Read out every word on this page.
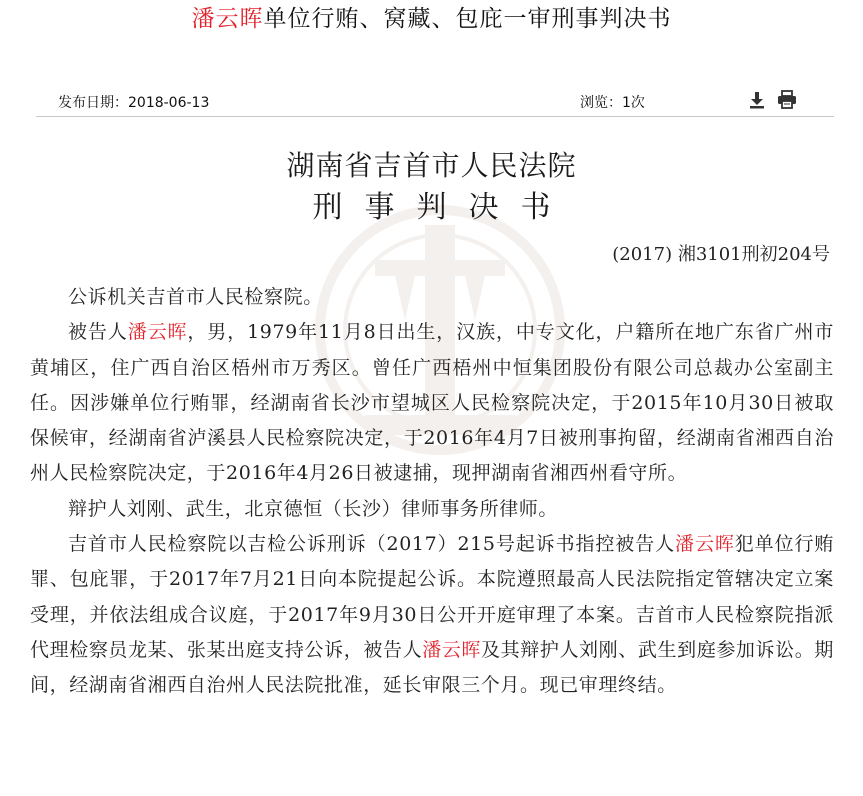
潘云晖单位行贿、窝藏、包庇一审刑事判决书
发布日期：2018-06-13	浏览：1次
湖南省吉首市人民法院
刑事判决书
(2017) 湘3101刑初204号

公诉机关吉首市人民检察院。

被告人潘云晖，男，1979年11月8日出生，汉族，中专文化，户籍所在地广东省广州市黄埔区，住广西自治区梧州市万秀区。曾任广西梧州中恒集团股份有限公司总裁办公室副主任。因涉嫌单位行贿罪，经湖南省长沙市望城区人民检察院决定，于2015年10月30日被取保候审，经湖南省泸溪县人民检察院决定，于2016年4月7日被刑事拘留，经湖南省湘西自治州人民检察院决定，于2016年4月26日被逮捕，现押湖南省湘西州看守所。

辩护人刘刚、武生，北京德恒（长沙）律师事务所律师。

吉首市人民检察院以吉检公诉刑诉（2017）215号起诉书指控被告人潘云晖犯单位行贿罪、包庇罪，于2017年7月21日向本院提起公诉。本院遵照最高人民法院指定管辖决定立案受理，并依法组成合议庭，于2017年9月30日公开开庭审理了本案。吉首市人民检察院指派代理检察员龙某、张某出庭支持公诉，被告人潘云晖及其辩护人刘刚、武生到庭参加诉讼。期间，经湖南省湘西自治州人民法院批准，延长审限三个月。现已审理终结。
